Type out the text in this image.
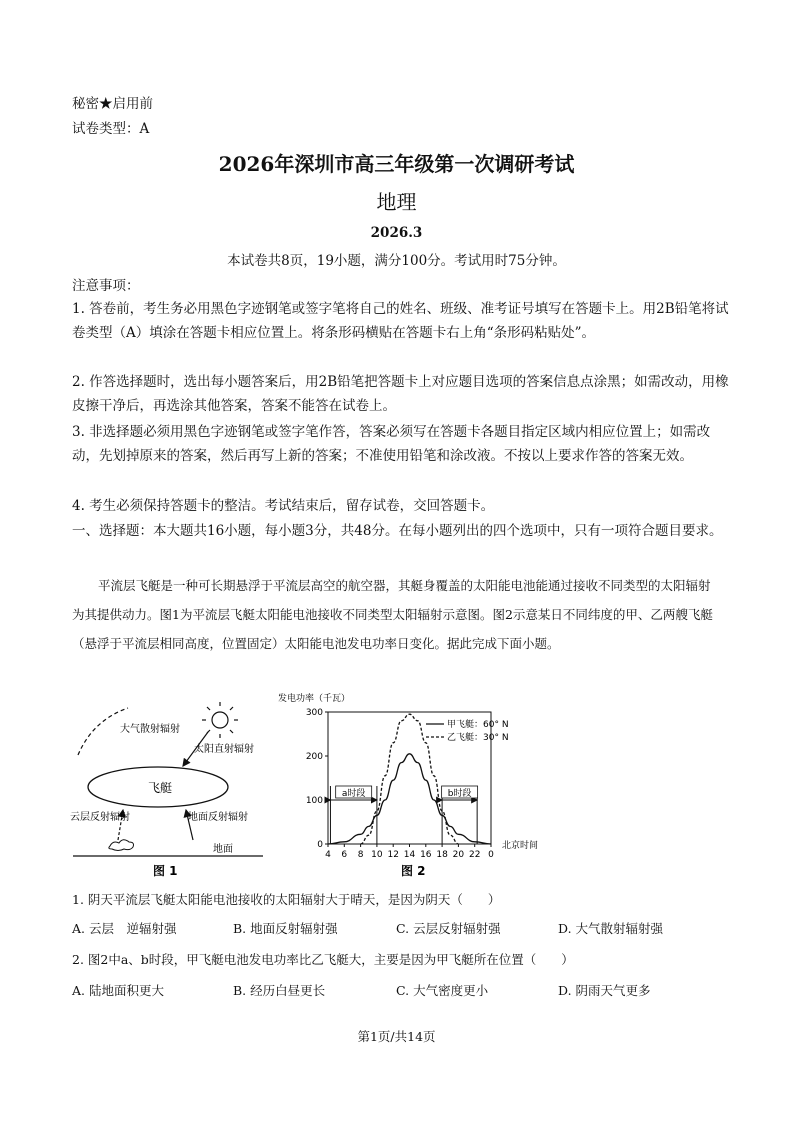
秘密★启用前
试卷类型：A
2026年深圳市高三年级第一次调研考试
地理
2026.3
本试卷共8页，19小题，满分100分。考试用时75分钟。
注意事项：
1. 答卷前，考生务必用黑色字迹钢笔或签字笔将自己的姓名、班级、准考证号填写在答题卡上。用2B铅笔将试卷类型（A）填涂在答题卡相应位置上。将条形码横贴在答题卡右上角“条形码粘贴处”。
2. 作答选择题时，选出每小题答案后，用2B铅笔把答题卡上对应题目选项的答案信息点涂黑；如需改动，用橡皮擦干净后，再选涂其他答案，答案不能答在试卷上。
3. 非选择题必须用黑色字迹钢笔或签字笔作答，答案必须写在答题卡各题目指定区域内相应位置上；如需改动，先划掉原来的答案，然后再写上新的答案；不准使用铅笔和涂改液。不按以上要求作答的答案无效。
4. 考生必须保持答题卡的整洁。考试结束后，留存试卷，交回答题卡。
一、选择题：本大题共16小题，每小题3分，共48分。在每小题列出的四个选项中，只有一项符合题目要求。
平流层飞艇是一种可长期悬浮于平流层高空的航空器，其艇身覆盖的太阳能电池能通过接收不同类型的太阳辐射为其提供动力。图1为平流层飞艇太阳能电池接收不同类型太阳辐射示意图。图2示意某日不同纬度的甲、乙两艘飞艇（悬浮于平流层相同高度，位置固定）太阳能电池发电功率日变化。据此完成下面小题。
大气散射辐射
太阳直射辐射
飞艇
云层反射辐射	地面反射辐射
地面
图 1
发电功率（千瓦）
北京时间
图 2
0
100
200
300
4 6 8 10 12 14 16 18 20 22 0
甲飞艇：60° N
乙飞艇：30° N
a时段	b时段
1. 阴天平流层飞艇太阳能电池接收的太阳辐射大于晴天，是因为阴天（　　）
A. 云层　逆辐射强	B. 地面反射辐射强	C. 云层反射辐射强	D. 大气散射辐射强
2. 图2中a、b时段，甲飞艇电池发电功率比乙飞艇大，主要是因为甲飞艇所在位置（　　）
A. 陆地面积更大	B. 经历白昼更长	C. 大气密度更小	D. 阴雨天气更多
第1页/共14页
